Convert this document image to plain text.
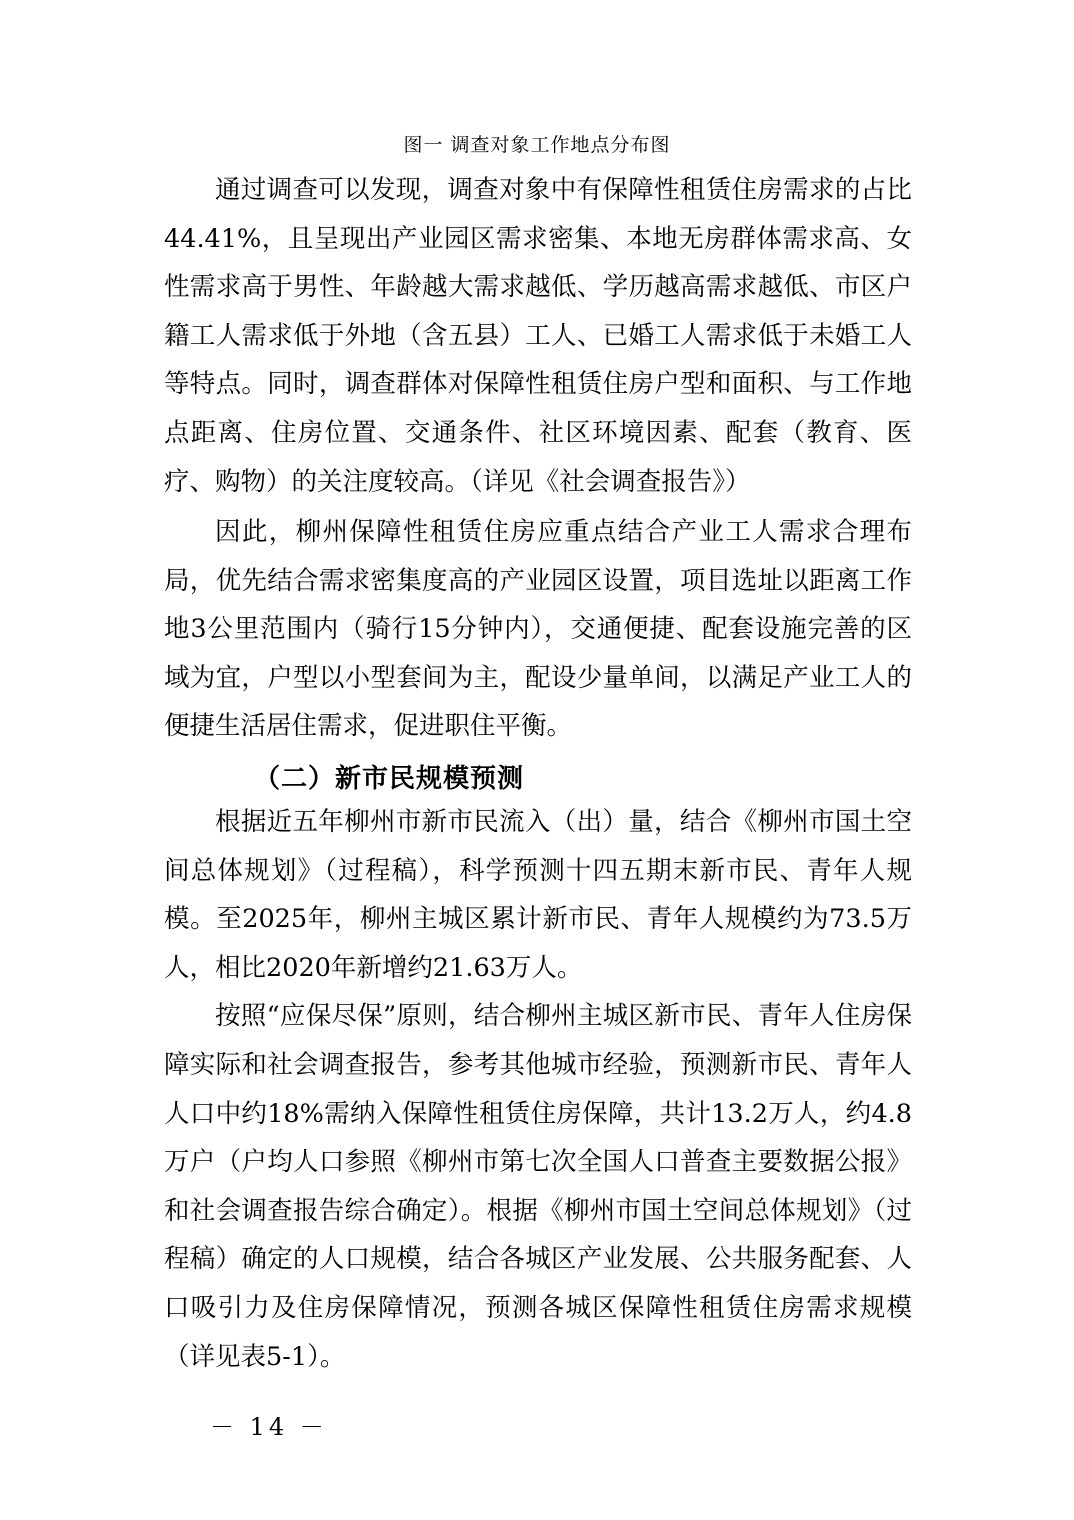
图一 调查对象工作地点分布图

通过调查可以发现，调查对象中有保障性租赁住房需求的占比44.41%，且呈现出产业园区需求密集、本地无房群体需求高、女性需求高于男性、年龄越大需求越低、学历越高需求越低、市区户籍工人需求低于外地（含五县）工人、已婚工人需求低于未婚工人等特点。同时，调查群体对保障性租赁住房户型和面积、与工作地点距离、住房位置、交通条件、社区环境因素、配套（教育、医疗、购物）的关注度较高。（详见《社会调查报告》）

因此，柳州保障性租赁住房应重点结合产业工人需求合理布局，优先结合需求密集度高的产业园区设置，项目选址以距离工作地3公里范围内（骑行15分钟内），交通便捷、配套设施完善的区域为宜，户型以小型套间为主，配设少量单间，以满足产业工人的便捷生活居住需求，促进职住平衡。

（二）新市民规模预测

根据近五年柳州市新市民流入（出）量，结合《柳州市国土空间总体规划》（过程稿），科学预测十四五期末新市民、青年人规模。至2025年，柳州主城区累计新市民、青年人规模约为73.5万人，相比2020年新增约21.63万人。

按照“应保尽保”原则，结合柳州主城区新市民、青年人住房保障实际和社会调查报告，参考其他城市经验，预测新市民、青年人人口中约18%需纳入保障性租赁住房保障，共计13.2万人，约4.8万户（户均人口参照《柳州市第七次全国人口普查主要数据公报》和社会调查报告综合确定）。根据《柳州市国土空间总体规划》（过程稿）确定的人口规模，结合各城区产业发展、公共服务配套、人口吸引力及住房保障情况，预测各城区保障性租赁住房需求规模（详见表5-1）。

－ 14 －
